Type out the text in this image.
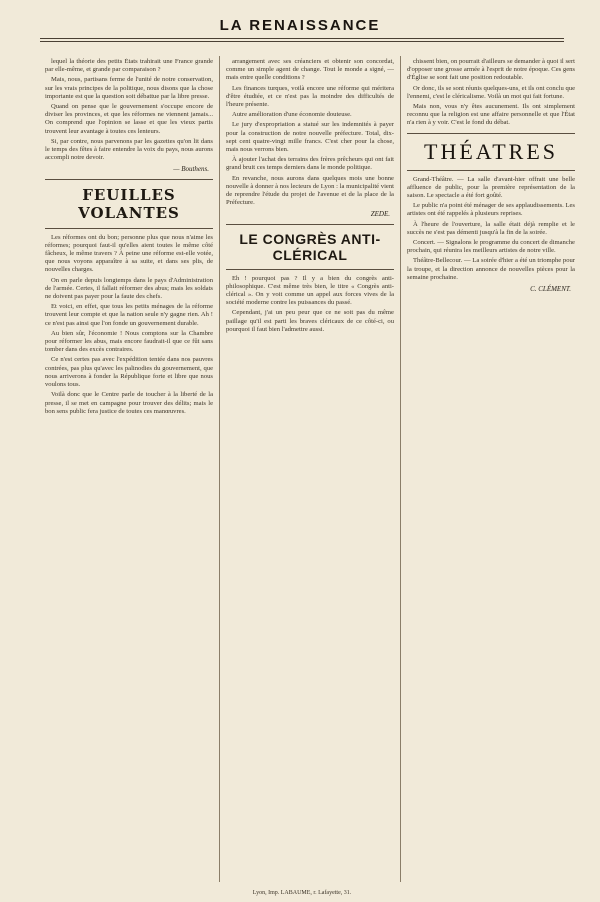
LA RENAISSANCE

lequel la théorie des petits États trahirait une France grande par elle-même, et grande par comparaison ?

Mais, nous, partisans ferme de l'unité de notre conservation, sur les vrais principes de la politique, nous disons que la chose importante est que la question soit débattue par la libre presse.

Quand on pense que le gouvernement s'occupe encore de diviser les provinces, et que les réformes ne viennent jamais... On comprend que l'opinion se lasse et que les vieux partis trouvent leur avantage à toutes ces lenteurs.

Si, par contre, nous parvenons par les gazettes qu'on lit dans le temps des fêtes à faire entendre la voix du pays, nous aurons accompli notre devoir.

— Bouthens.
FEUILLES VOLANTES

Les réformes ont du bon; personne plus que nous n'aime les réformes; pourquoi faut-il qu'elles aient toutes le même côté fâcheux, le même travers ? À peine une réforme est-elle votée, que nous voyons apparaître à sa suite, et dans ses plis, de nouvelles charges.

On en parle depuis longtemps dans le pays d'Administration de l'armée. Certes, il fallait réformer des abus; mais les soldats ne doivent pas payer pour la faute des chefs.

Et voici, en effet, que tous les petits ménages de la réforme trouvent leur compte et que la nation seule n'y gagne rien. Ah ! ce n'est pas ainsi que l'on fonde un gouvernement durable.

Au bien sûr, l'économie ! Nous comptons sur la Chambre pour réformer les abus, mais encore faudrait-il que ce fût sans tomber dans des excès contraires.

Ce n'est certes pas avec l'expédition tentée dans nos pauvres contrées, pas plus qu'avec les palinodies du gouvernement, que nous arriverons à fonder la République forte et libre que nous voulons tous.

Voilà donc que le Centre parle de toucher à la liberté de la presse, il se met en campagne pour trouver des délits; mais le bon sens public fera justice de toutes ces manœuvres.

arrangement avec ses créanciers et obtenir son concordat, comme un simple agent de change. Tout le monde a signé, — mais entre quelle conditions ?

Les finances turques, voilà encore une réforme qui méritera d'être étudiée, et ce n'est pas la moindre des difficultés de l'heure présente.

Autre amélioration d'une économie douteuse.

Le jury d'expropriation a statué sur les indemnités à payer pour la construction de notre nouvelle préfecture. Total, dix-sept cent quatre-vingt mille francs. C'est cher pour la chose, mais nous verrons bien.

À ajouter l'achat des terrains des frères prêcheurs qui ont fait grand bruit ces temps derniers dans le monde politique.

En revanche, nous aurons dans quelques mois une bonne nouvelle à donner à nos lecteurs de Lyon : la municipalité vient de reprendre l'étude du projet de l'avenue et de la place de la Préfecture.

ZEDE.
LE CONGRÈS ANTI-CLÉRICAL

Eh ! pourquoi pas ? Il y a bien du congrès anti-philosophique. C'est même très bien, le titre « Congrès anti-clérical ». On y voit comme un appel aux forces vives de la société moderne contre les puissances du passé.

Cependant, j'ai un peu peur que ce ne soit pas du même paillage qu'il est parti les braves cléricaux de ce côté-ci, ou pourquoi il faut bien l'admettre aussi.

chissent bien, on pourrait d'ailleurs se demander à quoi il sert d'opposer une grosse armée à l'esprit de notre époque. Ces gens d'Église se sont fait une position redoutable.

Or donc, ils se sont réunis quelques-uns, et ils ont conclu que l'ennemi, c'est le cléricalisme. Voilà un mot qui fait fortune.

Mais non, vous n'y êtes aucunement. Ils ont simplement reconnu que la religion est une affaire personnelle et que l'État n'a rien à y voir. C'est le fond du débat.

THÉATRES

Grand-Théâtre. — La salle d'avant-hier offrait une belle affluence de public, pour la première représentation de la saison. Le spectacle a été fort goûté.

Le public n'a point été ménager de ses applaudissements. Les artistes ont été rappelés à plusieurs reprises.

À l'heure de l'ouverture, la salle était déjà remplie et le succès ne s'est pas démenti jusqu'à la fin de la soirée.

Concert. — Signalons le programme du concert de dimanche prochain, qui réunira les meilleurs artistes de notre ville.

Théâtre-Bellecour. — La soirée d'hier a été un triomphe pour la troupe, et la direction annonce de nouvelles pièces pour la semaine prochaine.

C. CLÉMENT.
Lyon, Imp. LABAUME, r. Lafayette, 31.
